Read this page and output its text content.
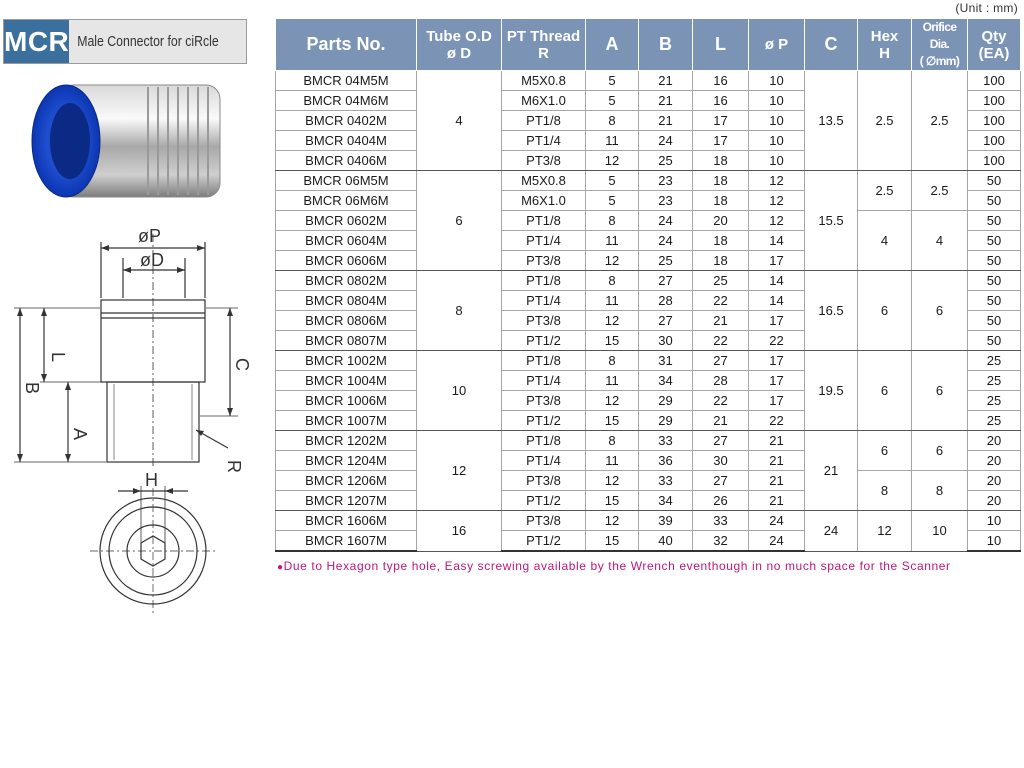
MCR Male Connector for ciRcle
(Unit : mm)
øP
øD
L
B
C
A
R
H
Parts No.	Tube O.D
ø D	PT Thread
R	A	B	L	ø P	C	Hex
H	Orifice Dia.
( ∅mm)	Qty
(EA)
BMCR 04M5M	4	M5X0.8	5	21	16	10	13.5	2.5	2.5	100
BMCR 04M6M		M6X1.0	5	21	16	10				100
BMCR 0402M		PT1/8	8	21	17	10				100
BMCR 0404M		PT1/4	11	24	17	10				100
BMCR 0406M		PT3/8	12	25	18	10				100
BMCR 06M5M	6	M5X0.8	5	23	18	12	15.5	2.5	2.5	50
BMCR 06M6M		M6X1.0	5	23	18	12				50
BMCR 0602M		PT1/8	8	24	20	12		4	4	50
BMCR 0604M		PT1/4	11	24	18	14				50
BMCR 0606M		PT3/8	12	25	18	17				50
BMCR 0802M	8	PT1/8	8	27	25	14	16.5	6	6	50
BMCR 0804M		PT1/4	11	28	22	14				50
BMCR 0806M		PT3/8	12	27	21	17				50
BMCR 0807M		PT1/2	15	30	22	22				50
BMCR 1002M	10	PT1/8	8	31	27	17	19.5	6	6	25
BMCR 1004M		PT1/4	11	34	28	17				25
BMCR 1006M		PT3/8	12	29	22	17				25
BMCR 1007M		PT1/2	15	29	21	22				25
BMCR 1202M	12	PT1/8	8	33	27	21	21	6	6	20
BMCR 1204M		PT1/4	11	36	30	21				20
BMCR 1206M		PT3/8	12	33	27	21		8	8	20
BMCR 1207M		PT1/2	15	34	26	21				20
BMCR 1606M	16	PT3/8	12	39	33	24	24	12	10	10
BMCR 1607M		PT1/2	15	40	32	24				10
●Due to Hexagon type hole, Easy screwing available by the Wrench eventhough in no much space for the Scanner
